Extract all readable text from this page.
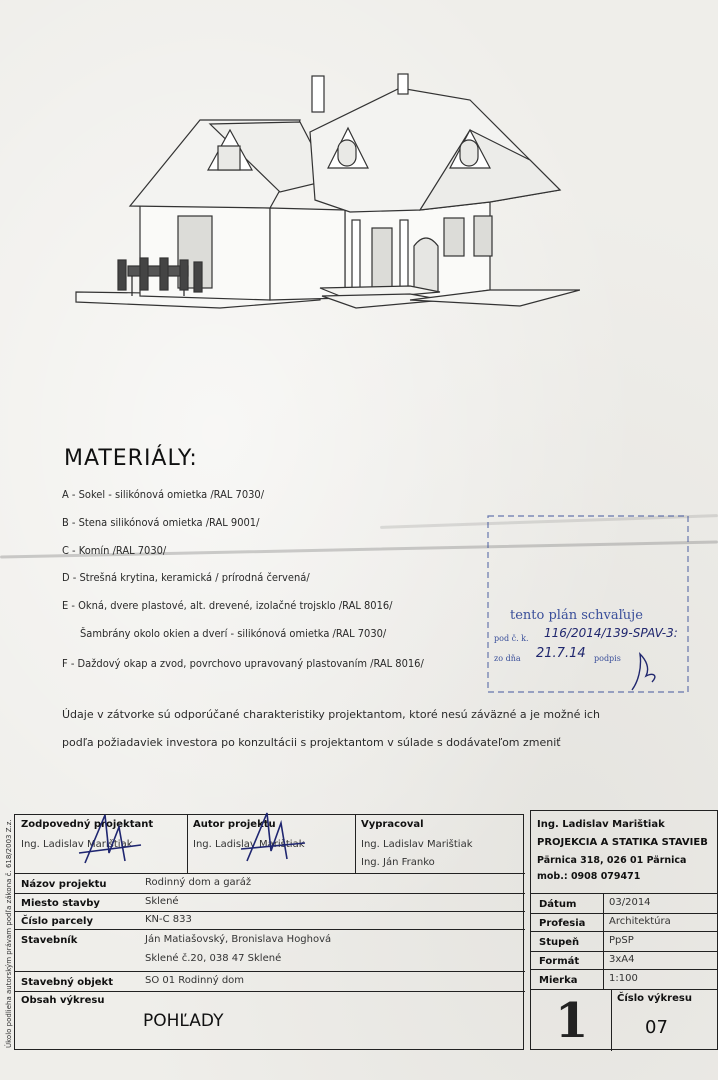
MATERIÁLY:
A - Sokel - silikónová omietka /RAL 7030/
B - Stena silikónová omietka /RAL 9001/
C - Komín /RAL 7030/
D - Strešná krytina, keramická / prírodná červená/
E - Okná, dvere plastové, alt. drevené, izolačné trojsklo /RAL 8016/
Šambrány okolo okien a dverí - silikónová omietka /RAL 7030/
F - Daždový okap a zvod, povrchovo upravovaný plastovaním /RAL 8016/
Údaje v zátvorke sú odporúčané charakteristiky projektantom, ktoré nesú záväzné a je možné ich
podľa požiadaviek investora po konzultácii s projektantom v súlade s dodávateľom zmeniť
tento plán schvaľuje
pod č. k. 116/2014/139-SPAV-3:
zo dňa 21.7.14 podpis
Úkolo podlieha autorským právam podľa zákona č. 618/2003 Z.z. Zodpovedný projektant
Ing. Ladislav Marištiak
Autor projektu
Ing. Ladislav Marištiak
Vypracoval
Ing. Ladislav Marištiak
Ing. Ján Franko
Názov projektu	Rodinný dom a garáž
Miesto stavby	Sklené
Číslo parcely	KN-C 833
Stavebník	Ján Matiašovský, Bronislava Hoghová
Sklené č.20, 038 47 Sklené
Stavebný objekt	SO 01 Rodinný dom
Obsah výkresu
POHĽADY
Ing. Ladislav Marištiak
PROJEKCIA A STATIKA STAVIEB
Pärnica 318, 026 01 Pärnica
mob.: 0908 079471
Dátum	03/2014
Profesia Architektúra
Stupeň	PpSP
Formát	3xA4
Mierka	1:100
1	Číslo výkresu
07
